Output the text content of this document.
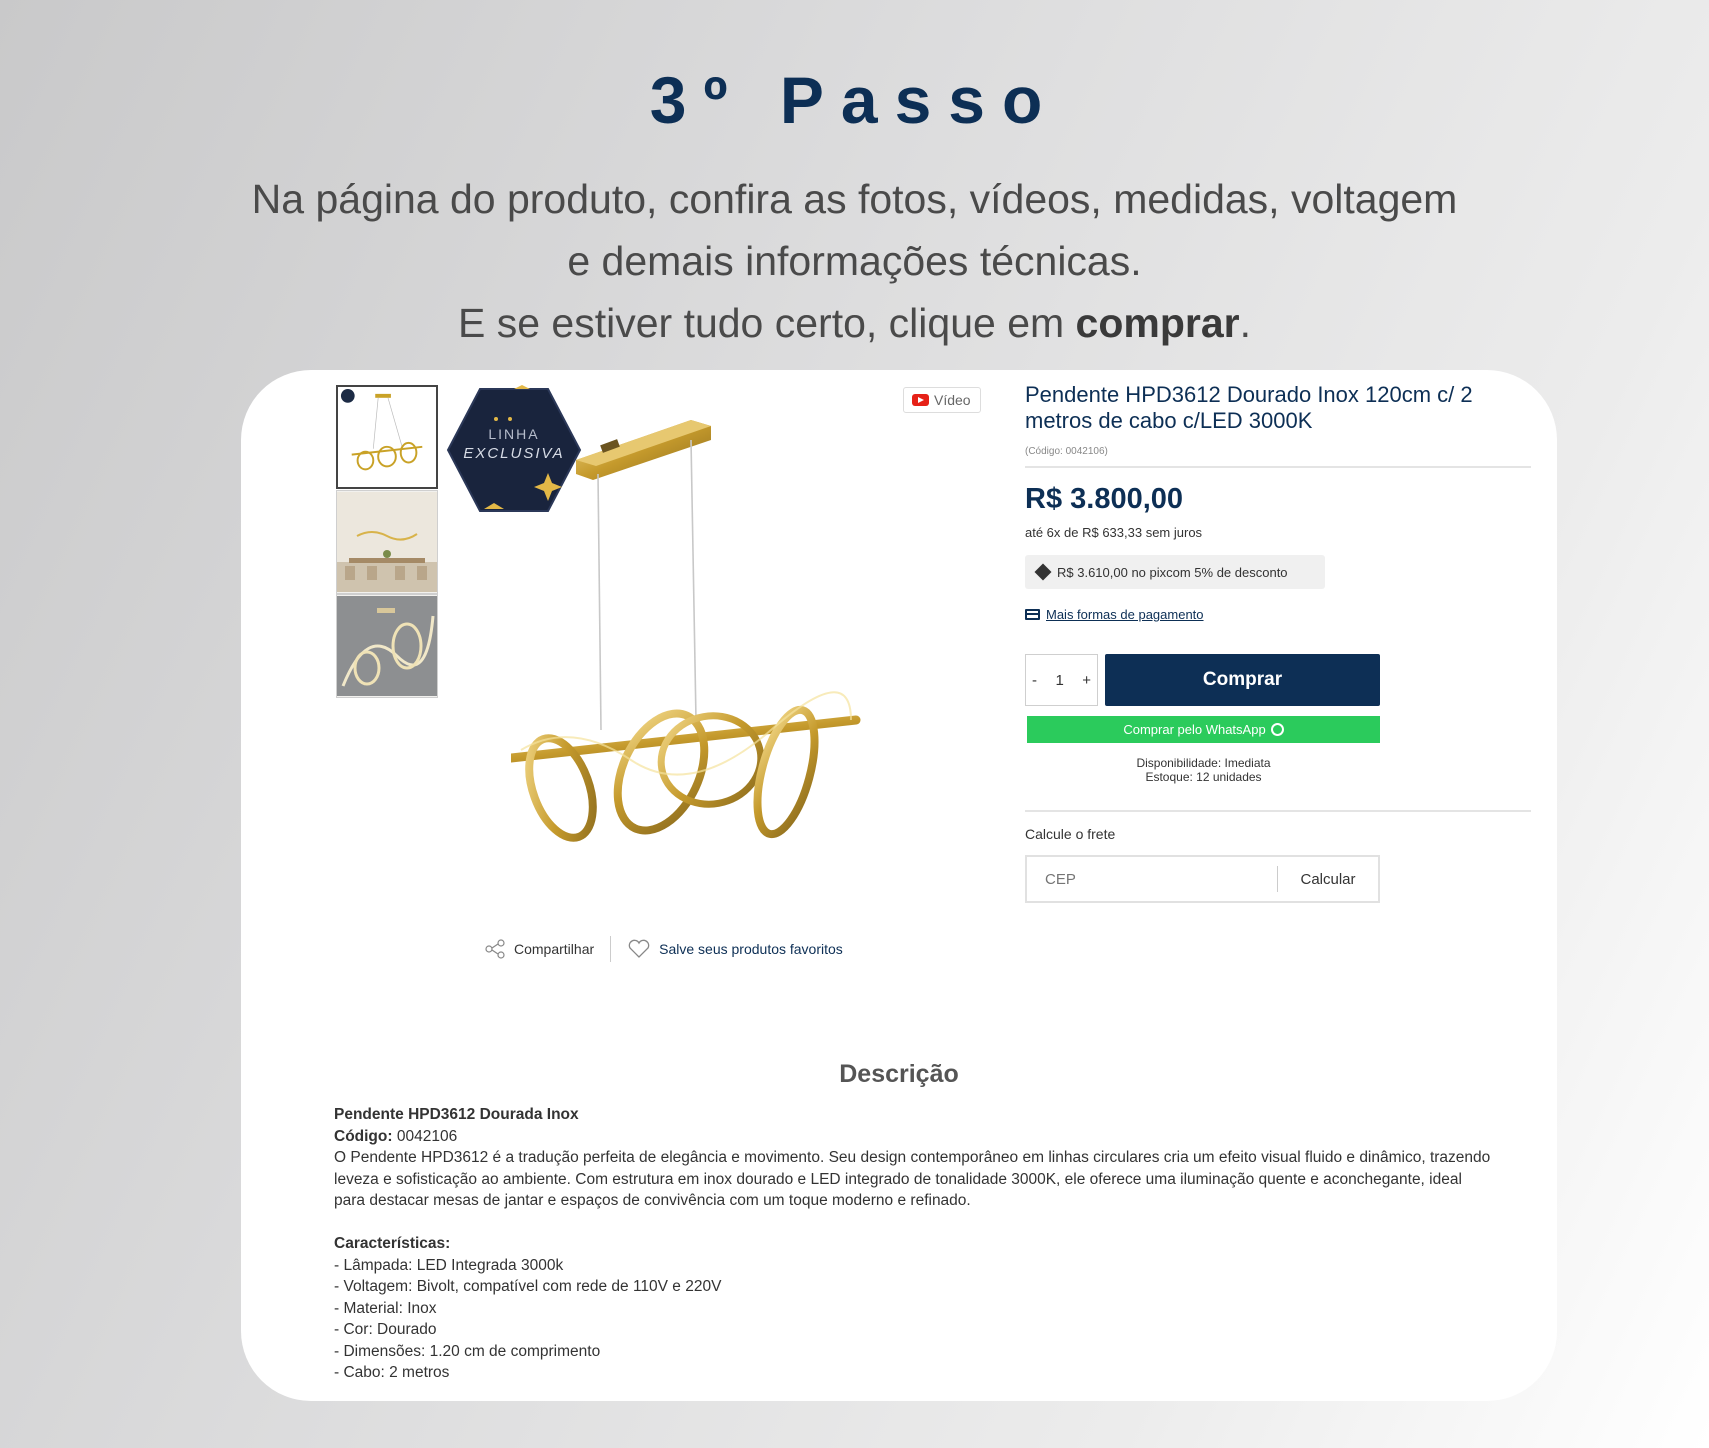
3º Passo
Na página do produto, confira as fotos, vídeos, medidas, voltagem
e demais informações técnicas.
E se estiver tudo certo, clique em comprar.
LINHA
EXCLUSIVA
Vídeo
Compartilhar	Salve seus produtos favoritos
Pendente HPD3612 Dourado Inox 120cm c/ 2 metros de cabo c/LED 3000K
(Código: 0042106)
R$ 3.800,00
até 6x de R$ 633,33 sem juros
R$ 3.610,00 no pixcom 5% de desconto
Mais formas de pagamento
- 1 +	Comprar
Comprar pelo WhatsApp
Disponibilidade: Imediata
Estoque: 12 unidades
Calcule o frete
CEP
Calcular
Descrição

Pendente HPD3612 Dourada Inox

Código: 0042106

O Pendente HPD3612 é a tradução perfeita de elegância e movimento. Seu design contemporâneo em linhas circulares cria um efeito visual fluido e dinâmico, trazendo leveza e sofisticação ao ambiente. Com estrutura em inox dourado e LED integrado de tonalidade 3000K, ele oferece uma iluminação quente e aconchegante, ideal para destacar mesas de jantar e espaços de convivência com um toque moderno e refinado.

Características:

- Lâmpada: LED Integrada 3000k

- Voltagem: Bivolt, compatível com rede de 110V e 220V

- Material: Inox

- Cor: Dourado

- Dimensões: 1.20 cm de comprimento

- Cabo: 2 metros
